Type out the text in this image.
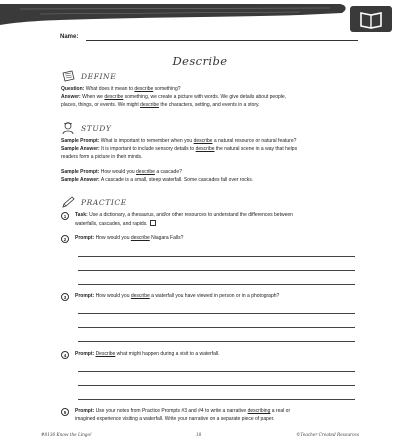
Name:
Describe
DEFINE
Question: What does it mean to describe something?
Answer: When we describe something, we create a picture with words. We give details about people,
places, things, or events. We might describe the characters, setting, and events in a story.
STUDY
Sample Prompt: What is important to remember when you describe a natural resource or natural feature?
Sample Answer: It is important to include sensory details to describe the natural scene in a way that helps
readers form a picture in their minds.
Sample Prompt: How would you describe a cascade?
Sample Answer: A cascade is a small, steep waterfall. Some cascades fall over rocks.
PRACTICE
1	Task: Use a dictionary, a thesaurus, and/or other resources to understand the differences between
waterfalls, cascades, and rapids.
2	Prompt: How would you describe Niagara Falls?
3	Prompt: How would you describe a waterfall you have viewed in person or in a photograph?
4	Prompt: Describe what might happen during a visit to a waterfall.
5	Prompt: Use your notes from Practice Prompts #3 and #4 to write a narrative describing a real or
imagined experience visiting a waterfall. Write your narrative on a separate piece of paper.
#8136 Know the Lingo!	18	©Teacher Created Resources
